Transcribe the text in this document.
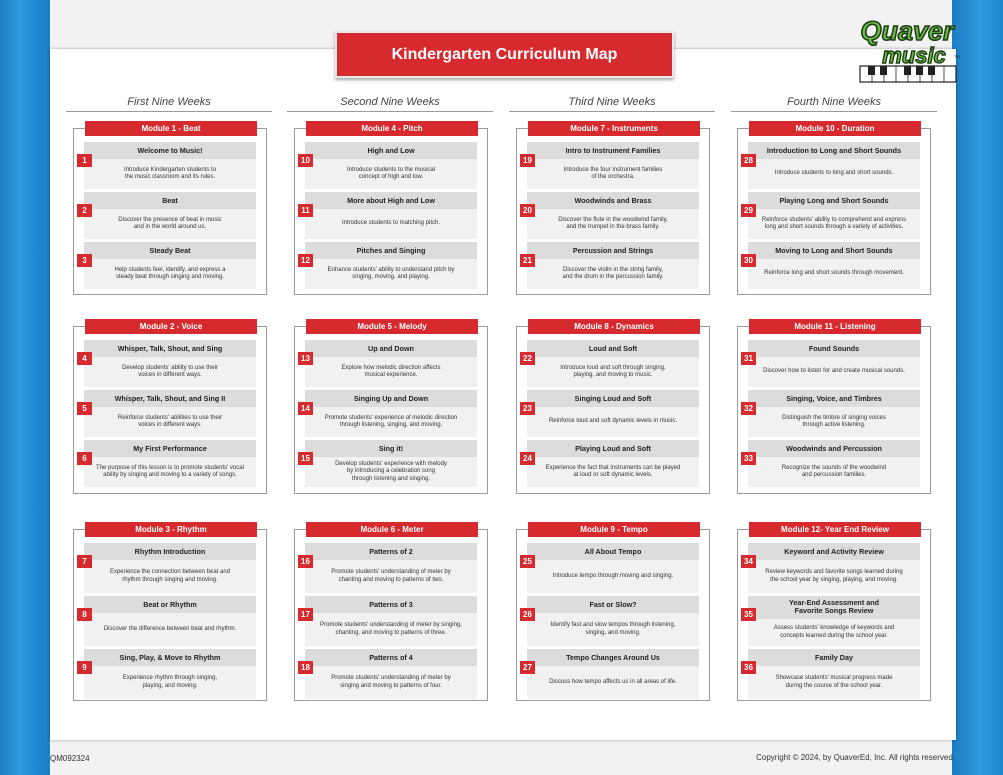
Kindergarten Curriculum Map
Quaver
music TM
First Nine Weeks	Second Nine Weeks	Third Nine Weeks	Fourth Nine Weeks
Module 1 - Beat
Welcome to Music!
Introduce Kindergarten students to
the music classroom and its rules.
1
Beat
Discover the presence of beat in music
and in the world around us.
2
Steady Beat
Help students feel, identify, and express a
steady beat through singing and moving.
3
Module 4 - Pitch
High and Low
Introduce students to the musical
concept of high and low.
10
More about High and Low
Introduce students to matching pitch.
11
Pitches and Singing
Enhance students' ability to understand pitch by
singing, moving, and playing.
12
Module 7 - Instruments
Intro to Instrument Families
Introduce the four instrument families
of the orchestra.
19
Woodwinds and Brass
Discover the flute in the woodwind family,
and the trumpet in the brass family.
20
Percussion and Strings
Discover the violin in the string family,
and the drum in the percussion family.
21
Module 10 - Duration
Introduction to Long and Short Sounds
Introduce students to long and short sounds.
28
Playing Long and Short Sounds
Reinforce students' ability to comprehend and express
long and short sounds through a variety of activities.
29
Moving to Long and Short Sounds
Reinforce long and short sounds through movement.
30
Module 2 - Voice
Whisper, Talk, Shout, and Sing
Develop students' ability to use their
voices in different ways.
4
Whisper, Talk, Shout, and Sing II
Reinforce students' abilities to use their
voices in different ways.
5
My First Performance
The purpose of this lesson is to promote students' vocal
ability by singing and moving to a variety of songs.
6
Module 5 - Melody
Up and Down
Explore how melodic direction affects
musical experience.
13
Singing Up and Down
Promote students' experience of melodic direction
through listening, singing, and moving.
14
Sing it!
Develop students' experience with melody
by introducing a celebration song
through listening and singing.
15
Module 8 - Dynamics
Loud and Soft
Introduce loud and soft through singing,
playing, and moving to music.
22
Singing Loud and Soft
Reinforce loud and soft dynamic levels in music.
23
Playing Loud and Soft
Experience the fact that instruments can be played
at loud or soft dynamic levels.
24
Module 11 - Listening
Found Sounds
Discover how to listen for and create musical sounds.
31
Singing, Voice, and Timbres
Distinguish the timbre of singing voices
through active listening.
32
Woodwinds and Percussion
Recognize the sounds of the woodwind
and percussion families.
33
Module 3 - Rhythm
Rhythm Introduction
Experience the connection between beat and
rhythm through singing and moving.
7
Beat or Rhythm
Discover the difference between beat and rhythm.
8
Sing, Play, & Move to Rhythm
Experience rhythm through singing,
playing, and moving.
9
Module 6 - Meter
Patterns of 2
Promote students' understanding of meter by
chanting and moving to patterns of two.
16
Patterns of 3
Promote students' understanding of meter by singing,
chanting, and moving to patterns of three.
17
Patterns of 4
Promote students' understanding of meter by
singing and moving to patterns of four.
18
Module 9 - Tempo
All About Tempo
Introduce tempo through moving and singing.
25
Fast or Slow?
Identify fast and slow tempos through listening,
singing, and moving.
26
Tempo Changes Around Us
Discuss how tempo affects us in all areas of life.
27
Module 12- Year End Review
Keyword and Activity Review
Review keywords and favorite songs learned during
the school year by singing, playing, and moving.
34
Year-End Assessment and
Favorite Songs Review
Assess students' knowledge of keywords and
concepts learned during the school year.
35
Family Day
Showcase students' musical progress made
during the course of the school year.
36
QM092324	Copyright © 2024, by QuaverEd, Inc. All rights reserved.
